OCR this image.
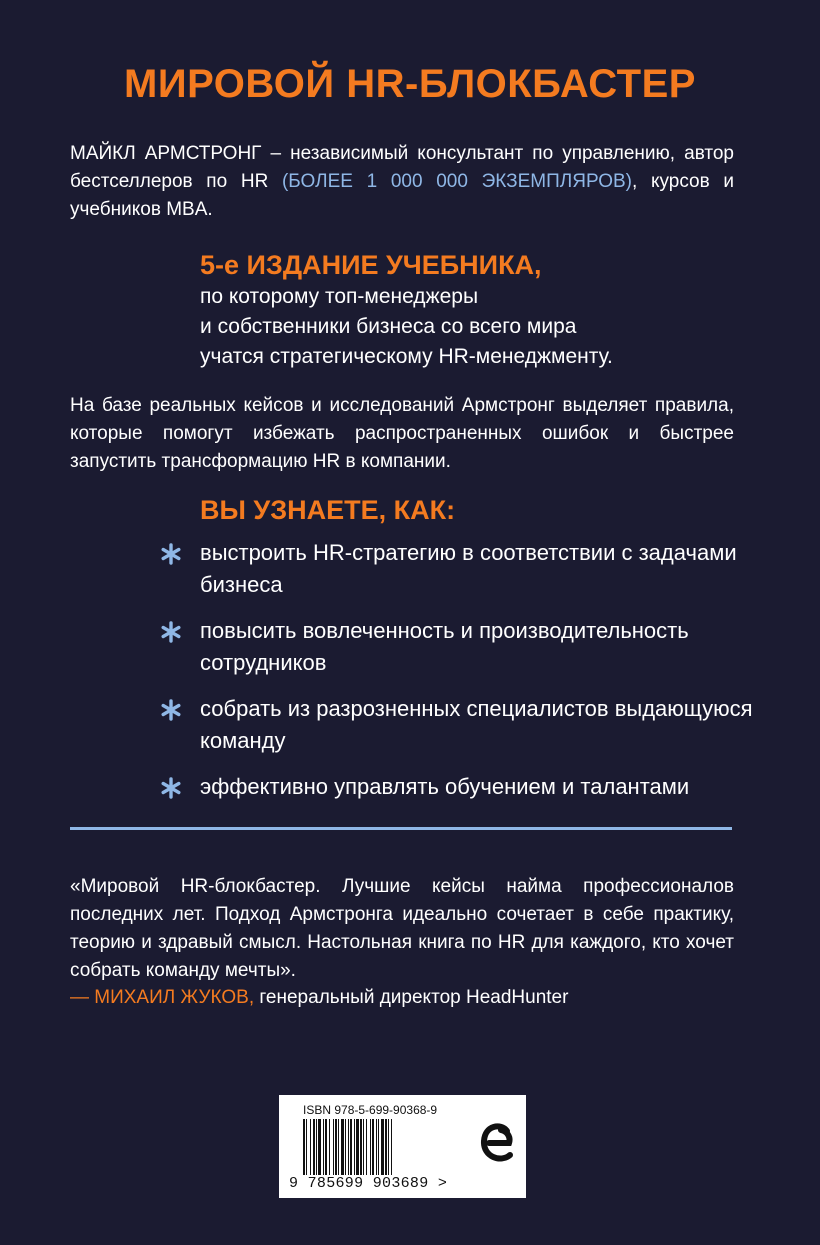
МИРОВОЙ HR-БЛОКБАСТЕР
МАЙКЛ АРМСТРОНГ – независимый консультант по управлению, автор бестселлеров по HR (БОЛЕЕ 1 000 000 ЭКЗЕМПЛЯРОВ), курсов и учебников MBA.
5-е ИЗДАНИЕ УЧЕБНИКА,
по которому топ-менеджеры
и собственники бизнеса со всего мира
учатся стратегическому HR-менеджменту.
На базе реальных кейсов и исследований Армстронг выделяет правила, которые помогут избежать распространенных ошибок и быстрее запустить трансформацию HR в компании.
ВЫ УЗНАЕТЕ, КАК:
выстроить HR-стратегию в соответствии с задачами бизнеса
повысить вовлеченность и производительность сотрудников
собрать из разрозненных специалистов выдающуюся команду
эффективно управлять обучением и талантами
«Мировой HR-блокбастер. Лучшие кейсы найма профессионалов последних лет. Подход Армстронга идеально сочетает в себе практику, теорию и здравый смысл. Настольная книга по HR для каждого, кто хочет собрать команду мечты».
— МИХАИЛ ЖУКОВ, генеральный директор HeadHunter
ISBN 978-5-699-90368-9
9 785699 903689 >
